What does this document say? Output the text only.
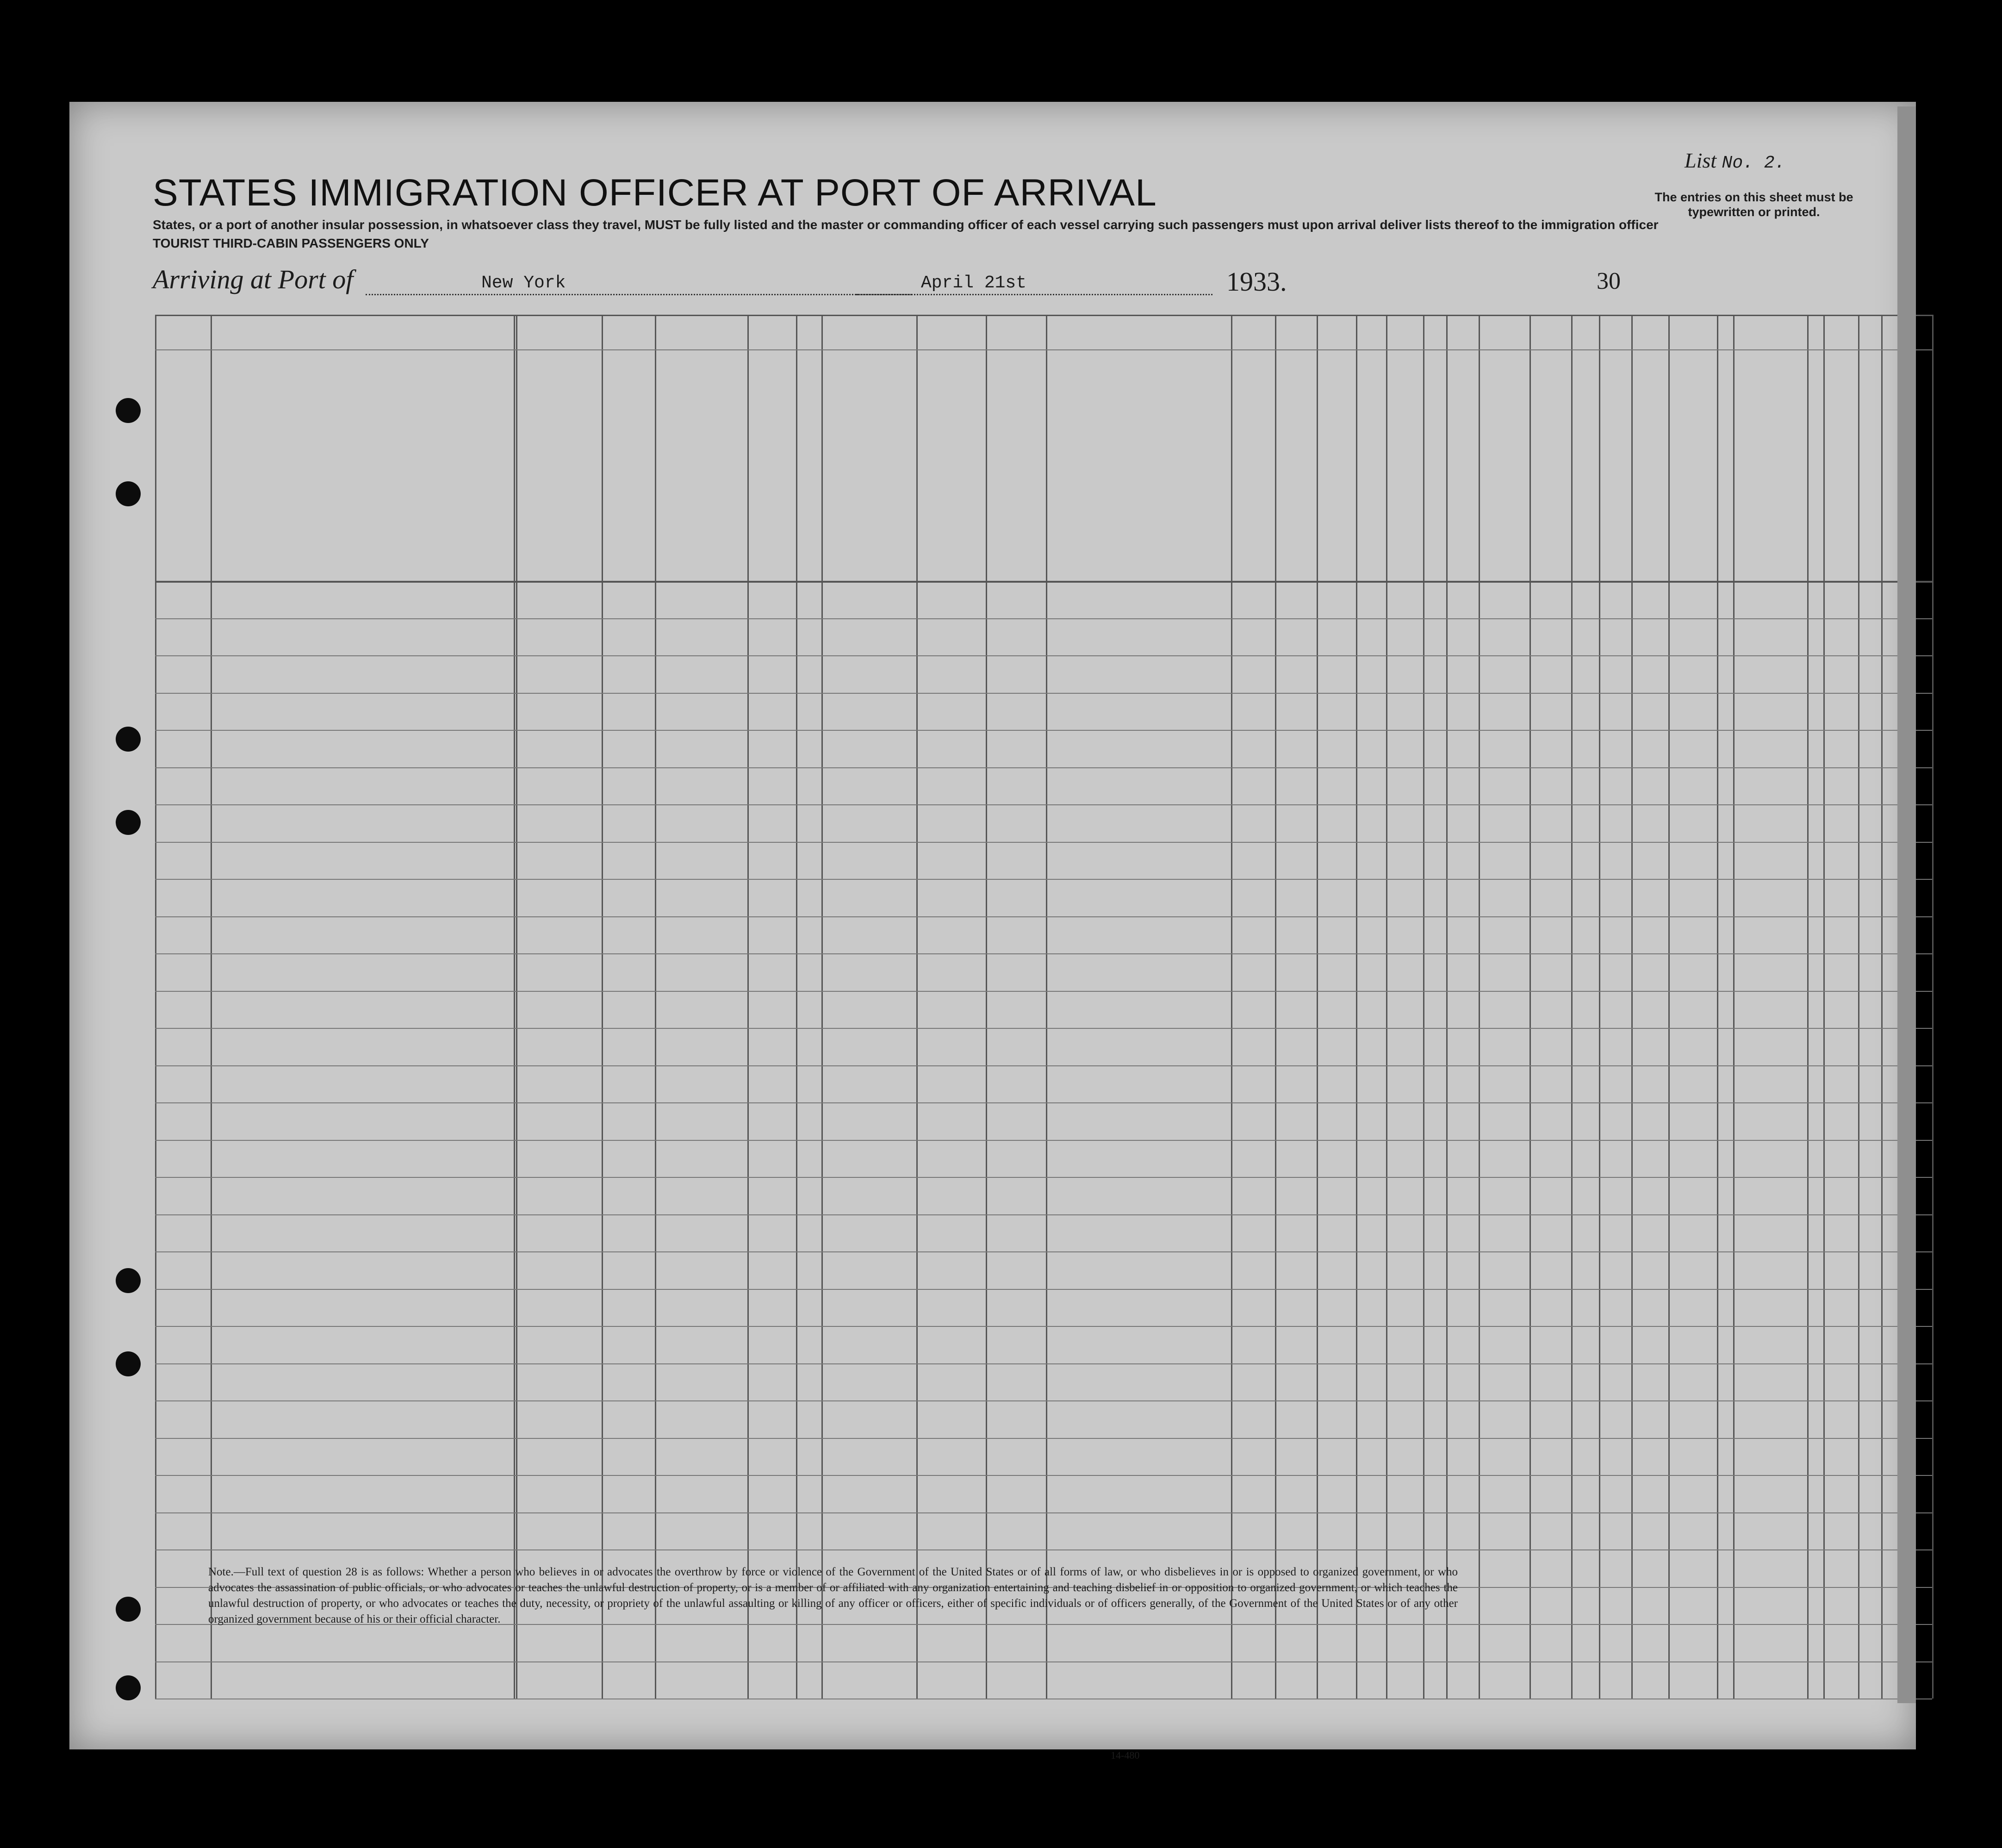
List No. 2.
STATES IMMIGRATION OFFICER AT PORT OF ARRIVAL	The entries on this sheet must be typewritten or printed.
States, or a port of another insular possession, in whatsoever class they travel, MUST be fully listed and the master or commanding officer of each vessel carrying such passengers must upon arrival deliver lists thereof to the immigration officer
TOURIST THIRD-CABIN PASSENGERS ONLY
Arriving at Port of	New York	April 21st	1933.	30
Note.—Full text of question 28 is as follows: Whether a person who believes in or advocates the overthrow by force or violence of the Government of the United States or of all forms of law, or who disbelieves in or is opposed to organized government, or who advocates the assassination of public officials, or who advocates or teaches the unlawful destruction of property, or is a member of or affiliated with any organization entertaining and teaching disbelief in or opposition to organized government, or which teaches the unlawful destruction of property, or who advocates or teaches the duty, necessity, or propriety of the unlawful assaulting or killing of any officer or officers, either of specific individuals or of officers generally, of the Government of the United States or of any other organized government because of his or their official character.
14-480
